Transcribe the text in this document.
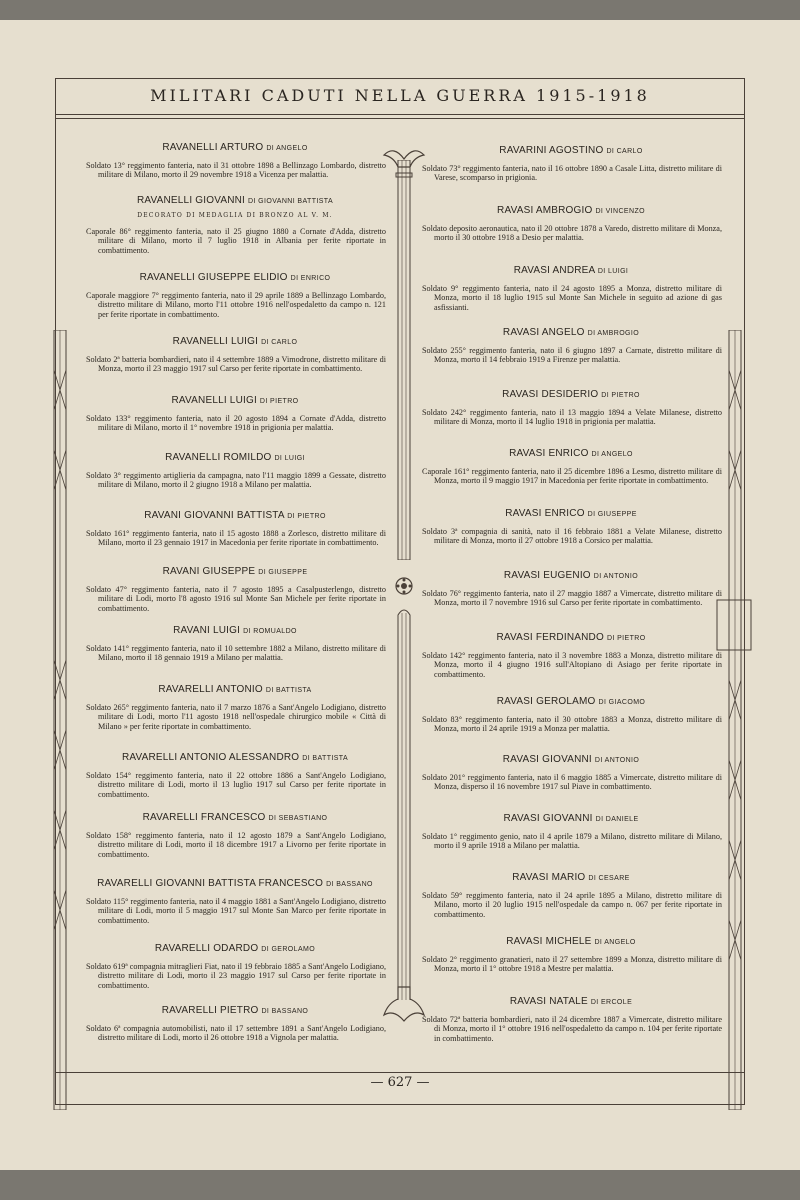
MILITARI CADUTI NELLA GUERRA 1915-1918
— 627 —
RAVANELLI ARTURO DI ANGELO
Soldato 13° reggimento fanteria, nato il 31 ottobre 1898 a Bellinzago Lombardo, distretto militare di Milano, morto il 29 novembre 1918 a Vicenza per malattia.
RAVANELLI GIOVANNI DI GIOVANNI BATTISTA
DECORATO DI MEDAGLIA DI BRONZO AL V. M.
Caporale 86° reggimento fanteria, nato il 25 giugno 1880 a Cornate d'Adda, distretto militare di Milano, morto il 7 luglio 1918 in Albania per ferite riportate in combattimento.
RAVANELLI GIUSEPPE ELIDIO DI ENRICO
Caporale maggiore 7° reggimento fanteria, nato il 29 aprile 1889 a Bellinzago Lombardo, distretto militare di Milano, morto l'11 ottobre 1916 nell'ospedaletto da campo n. 121 per ferite riportate in combattimento.
RAVANELLI LUIGI DI CARLO
Soldato 2ª batteria bombardieri, nato il 4 settembre 1889 a Vimodrone, distretto militare di Monza, morto il 23 maggio 1917 sul Carso per ferite riportate in combattimento.
RAVANELLI LUIGI DI PIETRO
Soldato 133° reggimento fanteria, nato il 20 agosto 1894 a Cornate d'Adda, distretto militare di Milano, morto il 1° novembre 1918 in prigionia per malattia.
RAVANELLI ROMILDO DI LUIGI
Soldato 3° reggimento artiglieria da campagna, nato l'11 maggio 1899 a Gessate, distretto militare di Milano, morto il 2 giugno 1918 a Milano per malattia.
RAVANI GIOVANNI BATTISTA DI PIETRO
Soldato 161° reggimento fanteria, nato il 15 agosto 1888 a Zorlesco, distretto militare di Milano, morto il 23 gennaio 1917 in Macedonia per ferite riportate in combattimento.
RAVANI GIUSEPPE DI GIUSEPPE
Soldato 47° reggimento fanteria, nato il 7 agosto 1895 a Casalpusterlengo, distretto militare di Lodi, morto l'8 agosto 1916 sul Monte San Michele per ferite riportate in combattimento.
RAVANI LUIGI DI ROMUALDO
Soldato 141° reggimento fanteria, nato il 10 settembre 1882 a Milano, distretto militare di Milano, morto il 18 gennaio 1919 a Milano per malattia.
RAVARELLI ANTONIO DI BATTISTA
Soldato 265° reggimento fanteria, nato il 7 marzo 1876 a Sant'Angelo Lodigiano, distretto militare di Lodi, morto l'11 agosto 1918 nell'ospedale chirurgico mobile « Città di Milano » per ferite riportate in combattimento.
RAVARELLI ANTONIO ALESSANDRO DI BATTISTA
Soldato 154° reggimento fanteria, nato il 22 ottobre 1886 a Sant'Angelo Lodigiano, distretto militare di Lodi, morto il 13 luglio 1917 sul Carso per ferite riportate in combattimento.
RAVARELLI FRANCESCO DI SEBASTIANO
Soldato 158° reggimento fanteria, nato il 12 agosto 1879 a Sant'Angelo Lodigiano, distretto militare di Lodi, morto il 18 dicembre 1917 a Livorno per ferite riportate in combattimento.
RAVARELLI GIOVANNI BATTISTA FRANCESCO DI BASSANO
Soldato 115° reggimento fanteria, nato il 4 maggio 1881 a Sant'Angelo Lodigiano, distretto militare di Lodi, morto il 5 maggio 1917 sul Monte San Marco per ferite riportate in combattimento.
RAVARELLI ODARDO DI GEROLAMO
Soldato 619ª compagnia mitraglieri Fiat, nato il 19 febbraio 1885 a Sant'Angelo Lodigiano, distretto militare di Lodi, morto il 23 maggio 1917 sul Carso per ferite riportate in combattimento.
RAVARELLI PIETRO DI BASSANO
Soldato 6ª compagnia automobilisti, nato il 17 settembre 1891 a Sant'Angelo Lodigiano, distretto militare di Lodi, morto il 26 ottobre 1918 a Vignola per malattia.
RAVARINI AGOSTINO DI CARLO
Soldato 73° reggimento fanteria, nato il 16 ottobre 1890 a Casale Litta, distretto militare di Varese, scomparso in prigionia.
RAVASI AMBROGIO DI VINCENZO
Soldato deposito aeronautica, nato il 20 ottobre 1878 a Varedo, distretto militare di Monza, morto il 30 ottobre 1918 a Desio per malattia.
RAVASI ANDREA DI LUIGI
Soldato 9° reggimento fanteria, nato il 24 agosto 1895 a Monza, distretto militare di Monza, morto il 18 luglio 1915 sul Monte San Michele in seguito ad azione di gas asfissianti.
RAVASI ANGELO DI AMBROGIO
Soldato 255° reggimento fanteria, nato il 6 giugno 1897 a Carnate, distretto militare di Monza, morto il 14 febbraio 1919 a Firenze per malattia.
RAVASI DESIDERIO DI PIETRO
Soldato 242° reggimento fanteria, nato il 13 maggio 1894 a Velate Milanese, distretto militare di Monza, morto il 14 luglio 1918 in prigionia per malattia.
RAVASI ENRICO DI ANGELO
Caporale 161° reggimento fanteria, nato il 25 dicembre 1896 a Lesmo, distretto militare di Monza, morto il 9 maggio 1917 in Macedonia per ferite riportate in combattimento.
RAVASI ENRICO DI GIUSEPPE
Soldato 3ª compagnia di sanità, nato il 16 febbraio 1881 a Velate Milanese, distretto militare di Monza, morto il 27 ottobre 1918 a Corsico per malattia.
RAVASI EUGENIO DI ANTONIO
Soldato 76° reggimento fanteria, nato il 27 maggio 1887 a Vimercate, distretto militare di Monza, morto il 7 novembre 1916 sul Carso per ferite riportate in combattimento.
RAVASI FERDINANDO DI PIETRO
Soldato 142° reggimento fanteria, nato il 3 novembre 1883 a Monza, distretto militare di Monza, morto il 4 giugno 1916 sull'Altopiano di Asiago per ferite riportate in combattimento.
RAVASI GEROLAMO DI GIACOMO
Soldato 83° reggimento fanteria, nato il 30 ottobre 1883 a Monza, distretto militare di Monza, morto il 24 aprile 1919 a Monza per malattia.
RAVASI GIOVANNI DI ANTONIO
Soldato 201° reggimento fanteria, nato il 6 maggio 1885 a Vimercate, distretto militare di Monza, disperso il 16 novembre 1917 sul Piave in combattimento.
RAVASI GIOVANNI DI DANIELE
Soldato 1° reggimento genio, nato il 4 aprile 1879 a Milano, distretto militare di Milano, morto il 9 aprile 1918 a Milano per malattia.
RAVASI MARIO DI CESARE
Soldato 59° reggimento fanteria, nato il 24 aprile 1895 a Milano, distretto militare di Milano, morto il 20 luglio 1915 nell'ospedale da campo n. 067 per ferite riportate in combattimento.
RAVASI MICHELE DI ANGELO
Soldato 2° reggimento granatieri, nato il 27 settembre 1899 a Monza, distretto militare di Monza, morto il 1° ottobre 1918 a Mestre per malattia.
RAVASI NATALE DI ERCOLE
Soldato 72ª batteria bombardieri, nato il 24 dicembre 1887 a Vimercate, distretto militare di Monza, morto il 1° ottobre 1916 nell'ospedaletto da campo n. 104 per ferite riportate in combattimento.
